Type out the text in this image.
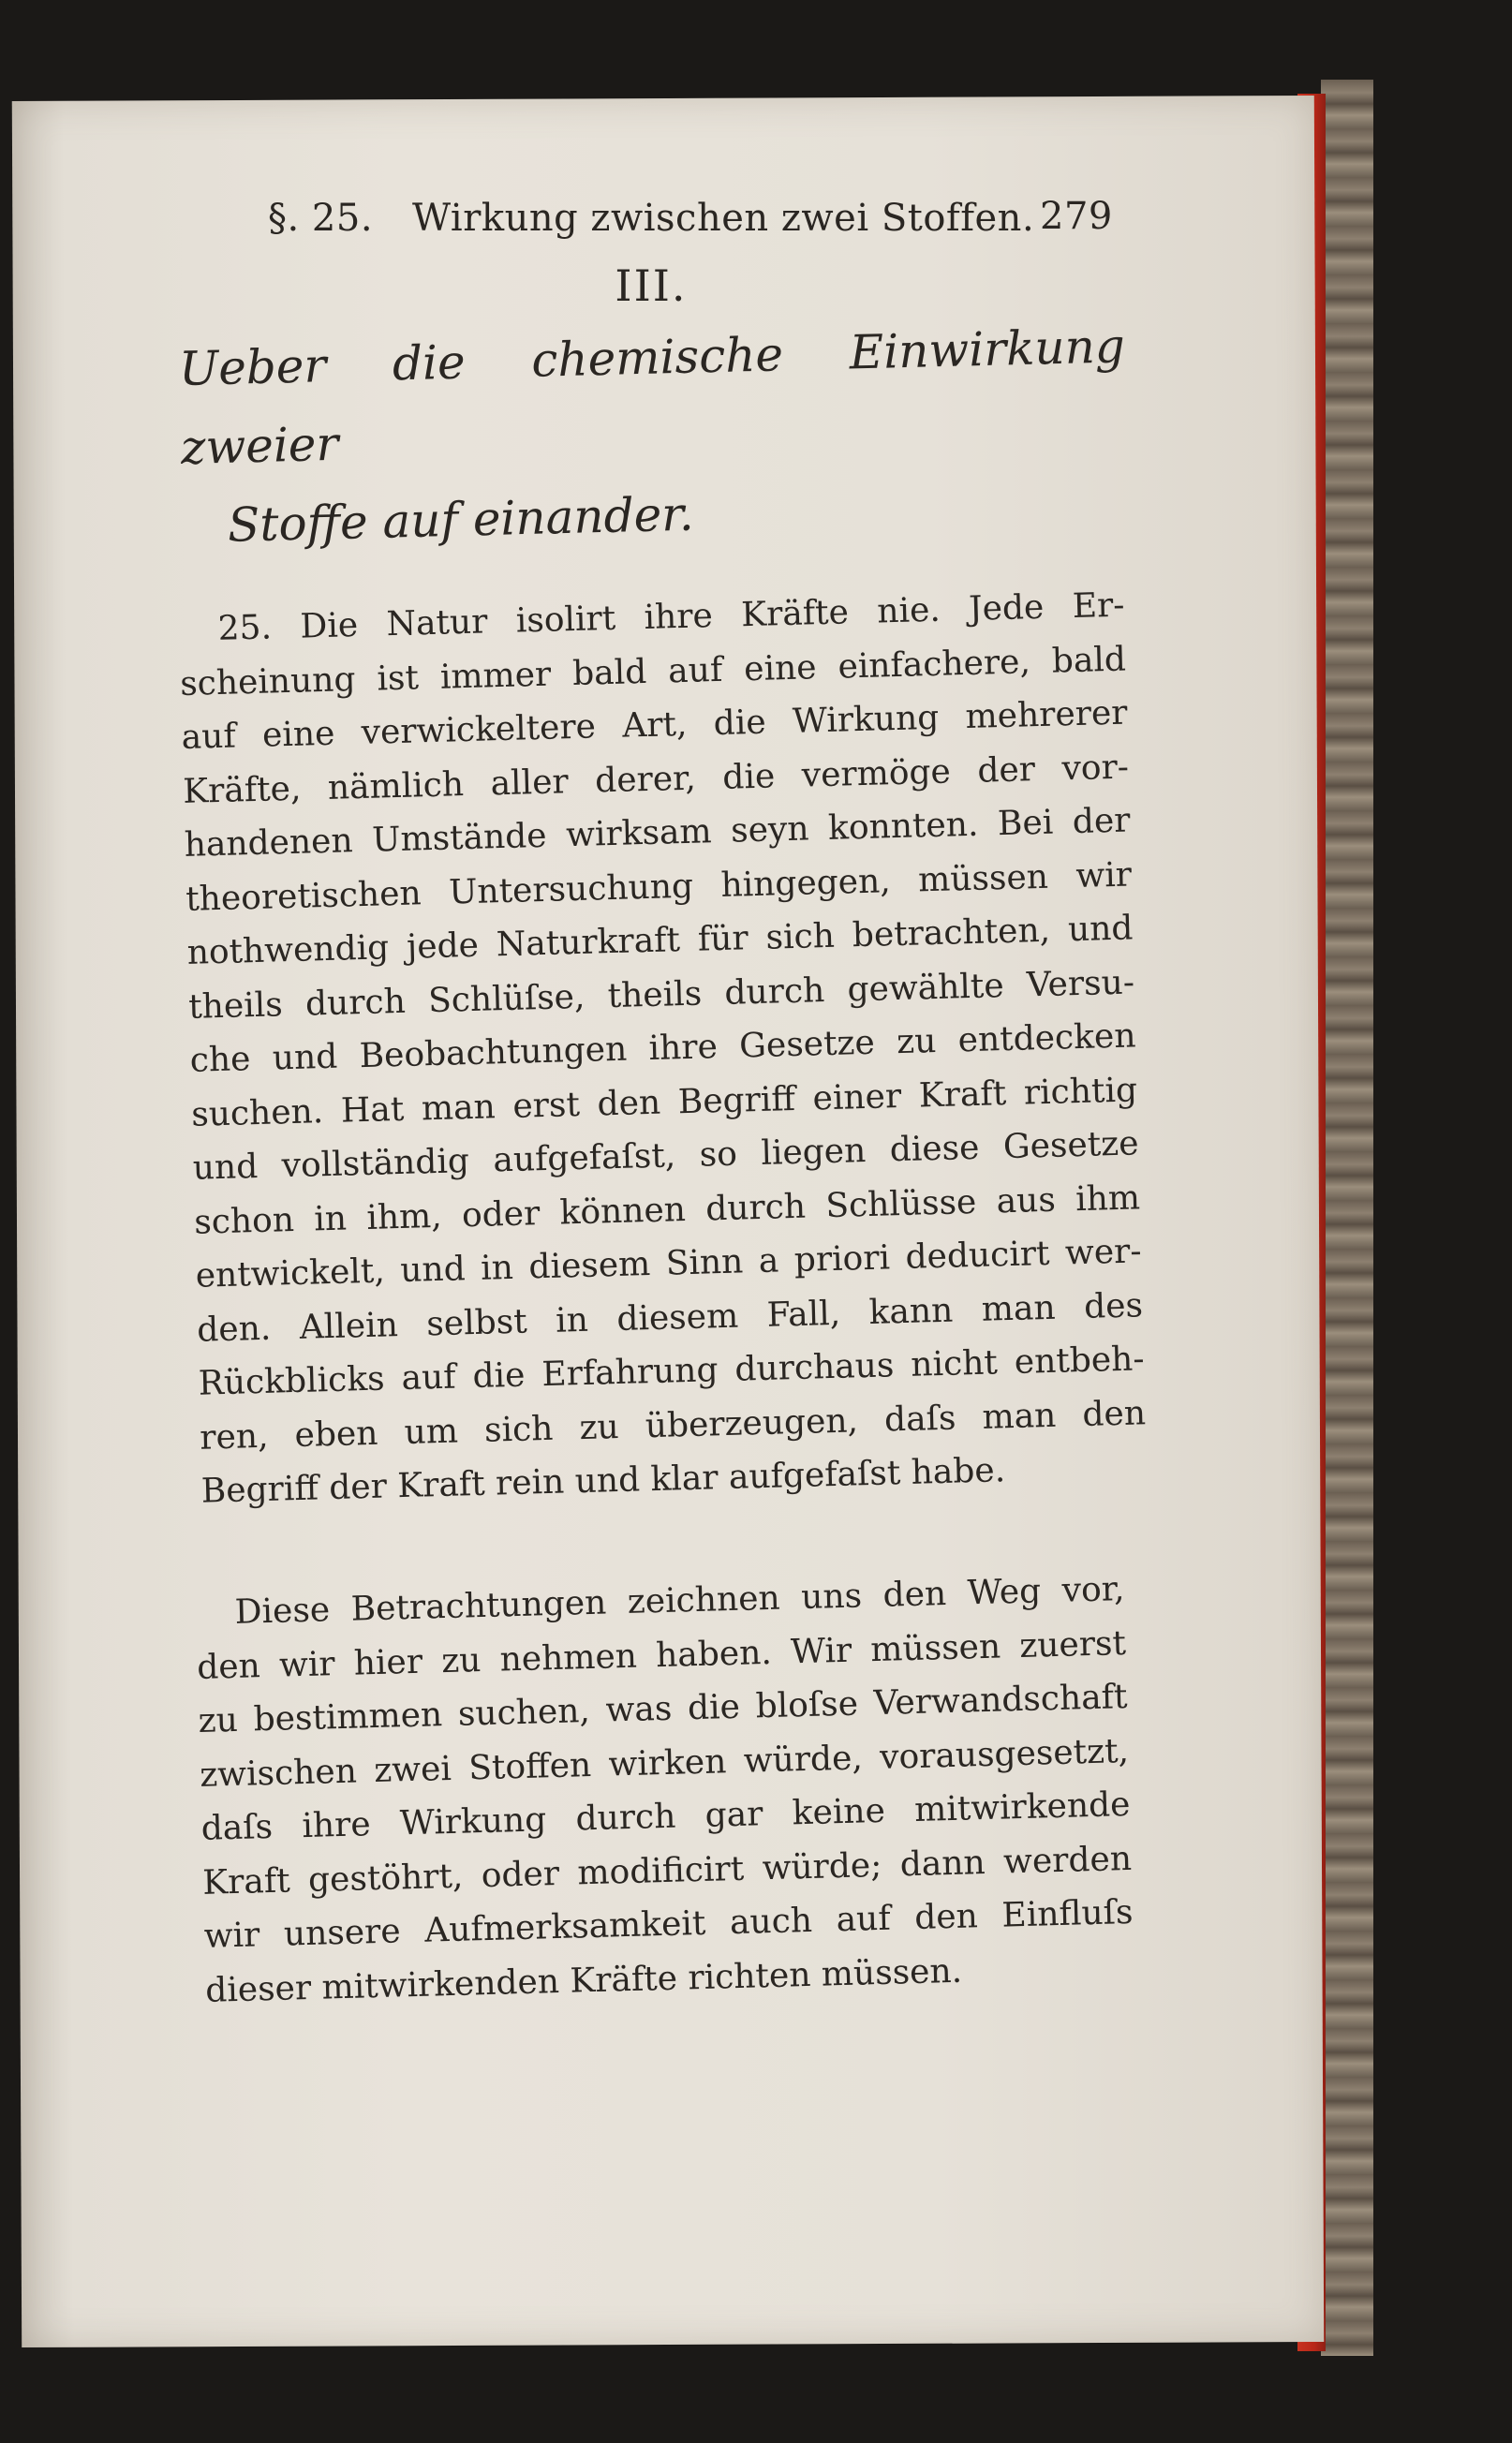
§. 25. Wirkung zwischen zwei Stoffen. 279
III.
Ueber die chemische Einwirkung zweier
Stoffe auf einander.
25. Die Natur isolirt ihre Kräfte nie. Jede Er-
scheinung ist immer bald auf eine einfachere, bald
auf eine verwickeltere Art, die Wirkung mehrerer
Kräfte, nämlich aller derer, die vermöge der vor-
handenen Umstände wirksam seyn konnten. Bei der
theoretischen Untersuchung hingegen, müssen wir
nothwendig jede Naturkraft für sich betrachten, und
theils durch Schlüſse, theils durch gewählte Versu-
che und Beobachtungen ihre Gesetze zu entdecken
suchen. Hat man erst den Begriff einer Kraft richtig
und vollständig aufgefaſst, so liegen diese Gesetze
schon in ihm, oder können durch Schlüsse aus ihm
entwickelt, und in diesem Sinn a priori deducirt wer-
den. Allein selbst in diesem Fall, kann man des
Rückblicks auf die Erfahrung durchaus nicht entbeh-
ren, eben um sich zu überzeugen, daſs man den
Begriff der Kraft rein und klar aufgefaſst habe.
Diese Betrachtungen zeichnen uns den Weg vor,
den wir hier zu nehmen haben. Wir müssen zuerst
zu bestimmen suchen, was die bloſse Verwandschaft
zwischen zwei Stoffen wirken würde, vorausgesetzt,
daſs ihre Wirkung durch gar keine mitwirkende
Kraft gestöhrt, oder modificirt würde; dann werden
wir unsere Aufmerksamkeit auch auf den Einfluſs
dieser mitwirkenden Kräfte richten müssen.
